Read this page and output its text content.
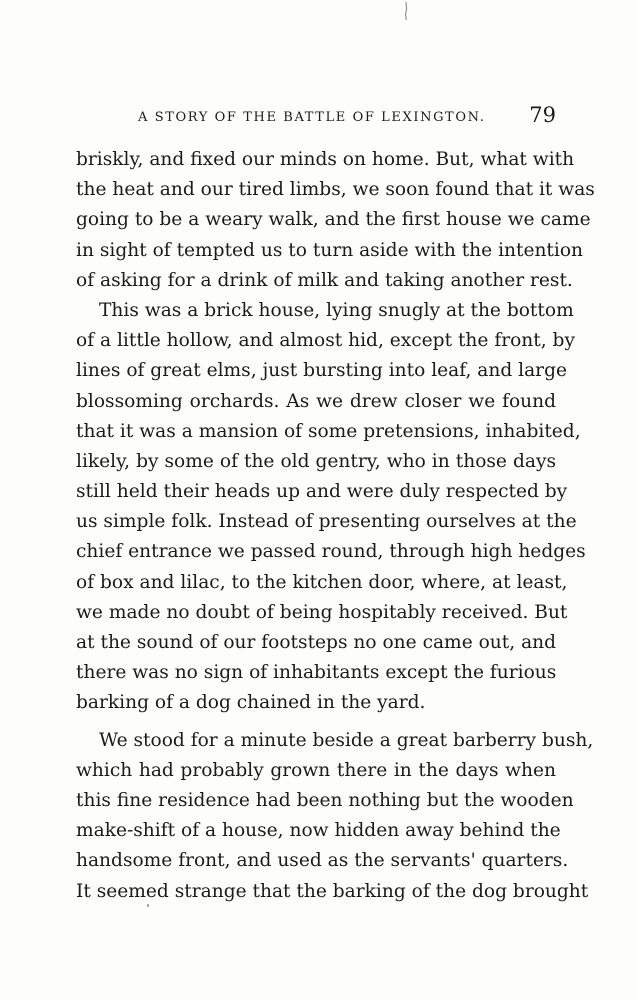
A STORY OF THE BATTLE OF LEXINGTON. 79
briskly, and fixed our minds on home. But, what with
the heat and our tired limbs, we soon found that it was
going to be a weary walk, and the first house we came
in sight of tempted us to turn aside with the intention
of asking for a drink of milk and taking another rest.
This was a brick house, lying snugly at the bottom
of a little hollow, and almost hid, except the front, by
lines of great elms, just bursting into leaf, and large
blossoming orchards. As we drew closer we found
that it was a mansion of some pretensions, inhabited,
likely, by some of the old gentry, who in those days
still held their heads up and were duly respected by
us simple folk. Instead of presenting ourselves at the
chief entrance we passed round, through high hedges
of box and lilac, to the kitchen door, where, at least,
we made no doubt of being hospitably received. But
at the sound of our footsteps no one came out, and
there was no sign of inhabitants except the furious
barking of a dog chained in the yard.
We stood for a minute beside a great barberry bush,
which had probably grown there in the days when
this fine residence had been nothing but the wooden
make-shift of a house, now hidden away behind the
handsome front, and used as the servants' quarters.
It seemed strange that the barking of the dog brought
